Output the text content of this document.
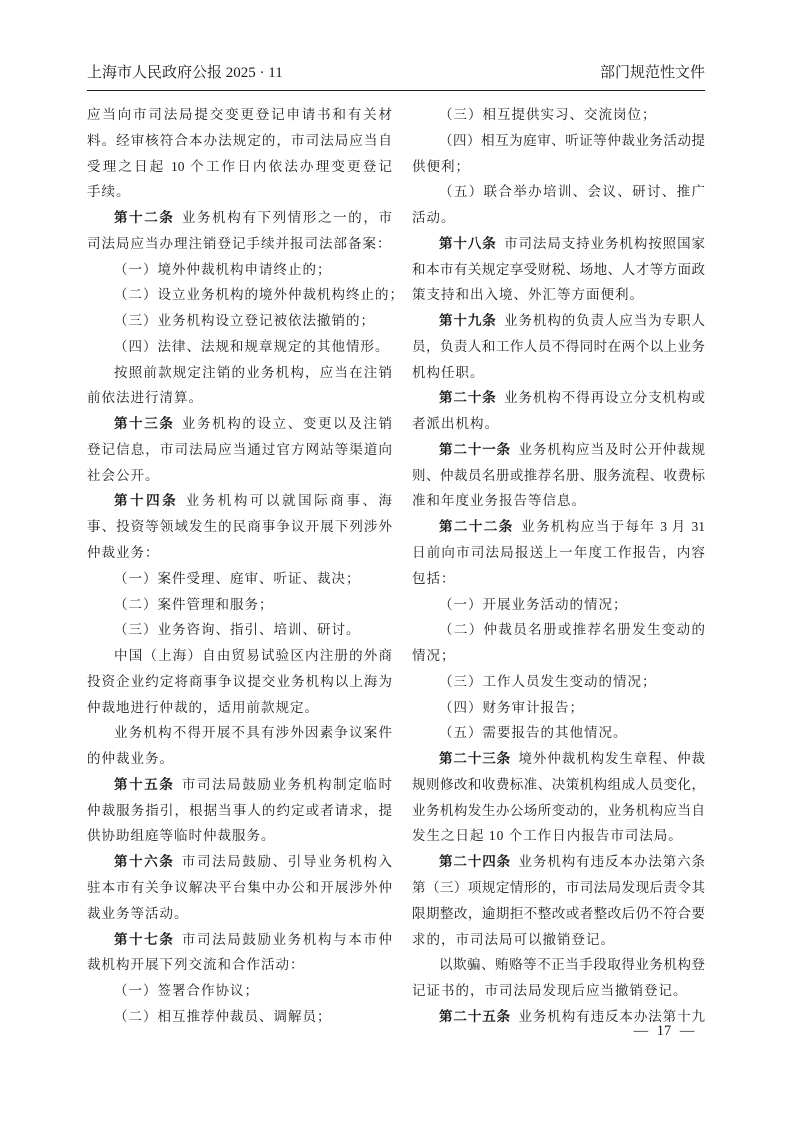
上海市人民政府公报 2025 · 11	部门规范性文件
应当向市司法局提交变更登记申请书和有关材
料。经审核符合本办法规定的，市司法局应当自
受理之日起 10 个工作日内依法办理变更登记
手续。
第十二条 业务机构有下列情形之一的，市
司法局应当办理注销登记手续并报司法部备案：
（一）境外仲裁机构申请终止的；
（二）设立业务机构的境外仲裁机构终止的；
（三）业务机构设立登记被依法撤销的；
（四）法律、法规和规章规定的其他情形。
按照前款规定注销的业务机构，应当在注销
前依法进行清算。
第十三条 业务机构的设立、变更以及注销
登记信息，市司法局应当通过官方网站等渠道向
社会公开。
第十四条 业务机构可以就国际商事、海
事、投资等领域发生的民商事争议开展下列涉外
仲裁业务：
（一）案件受理、庭审、听证、裁决；
（二）案件管理和服务；
（三）业务咨询、指引、培训、研讨。
中国（上海）自由贸易试验区内注册的外商
投资企业约定将商事争议提交业务机构以上海为
仲裁地进行仲裁的，适用前款规定。
业务机构不得开展不具有涉外因素争议案件
的仲裁业务。
第十五条 市司法局鼓励业务机构制定临时
仲裁服务指引，根据当事人的约定或者请求，提
供协助组庭等临时仲裁服务。
第十六条 市司法局鼓励、引导业务机构入
驻本市有关争议解决平台集中办公和开展涉外仲
裁业务等活动。
第十七条 市司法局鼓励业务机构与本市仲
裁机构开展下列交流和合作活动：
（一）签署合作协议；
（二）相互推荐仲裁员、调解员；
（三）相互提供实习、交流岗位；
（四）相互为庭审、听证等仲裁业务活动提
供便利；
（五）联合举办培训、会议、研讨、推广
活动。
第十八条 市司法局支持业务机构按照国家
和本市有关规定享受财税、场地、人才等方面政
策支持和出入境、外汇等方面便利。
第十九条 业务机构的负责人应当为专职人
员，负责人和工作人员不得同时在两个以上业务
机构任职。
第二十条 业务机构不得再设立分支机构或
者派出机构。
第二十一条 业务机构应当及时公开仲裁规
则、仲裁员名册或推荐名册、服务流程、收费标
准和年度业务报告等信息。
第二十二条 业务机构应当于每年 3 月 31
日前向市司法局报送上一年度工作报告，内容
包括：
（一）开展业务活动的情况；
（二）仲裁员名册或推荐名册发生变动的
情况；
（三）工作人员发生变动的情况；
（四）财务审计报告；
（五）需要报告的其他情况。
第二十三条 境外仲裁机构发生章程、仲裁
规则修改和收费标准、决策机构组成人员变化，
业务机构发生办公场所变动的，业务机构应当自
发生之日起 10 个工作日内报告市司法局。
第二十四条 业务机构有违反本办法第六条
第（三）项规定情形的，市司法局发现后责令其
限期整改，逾期拒不整改或者整改后仍不符合要
求的，市司法局可以撤销登记。
以欺骗、贿赂等不正当手段取得业务机构登
记证书的，市司法局发现后应当撤销登记。
第二十五条 业务机构有违反本办法第十九
— 17 —
